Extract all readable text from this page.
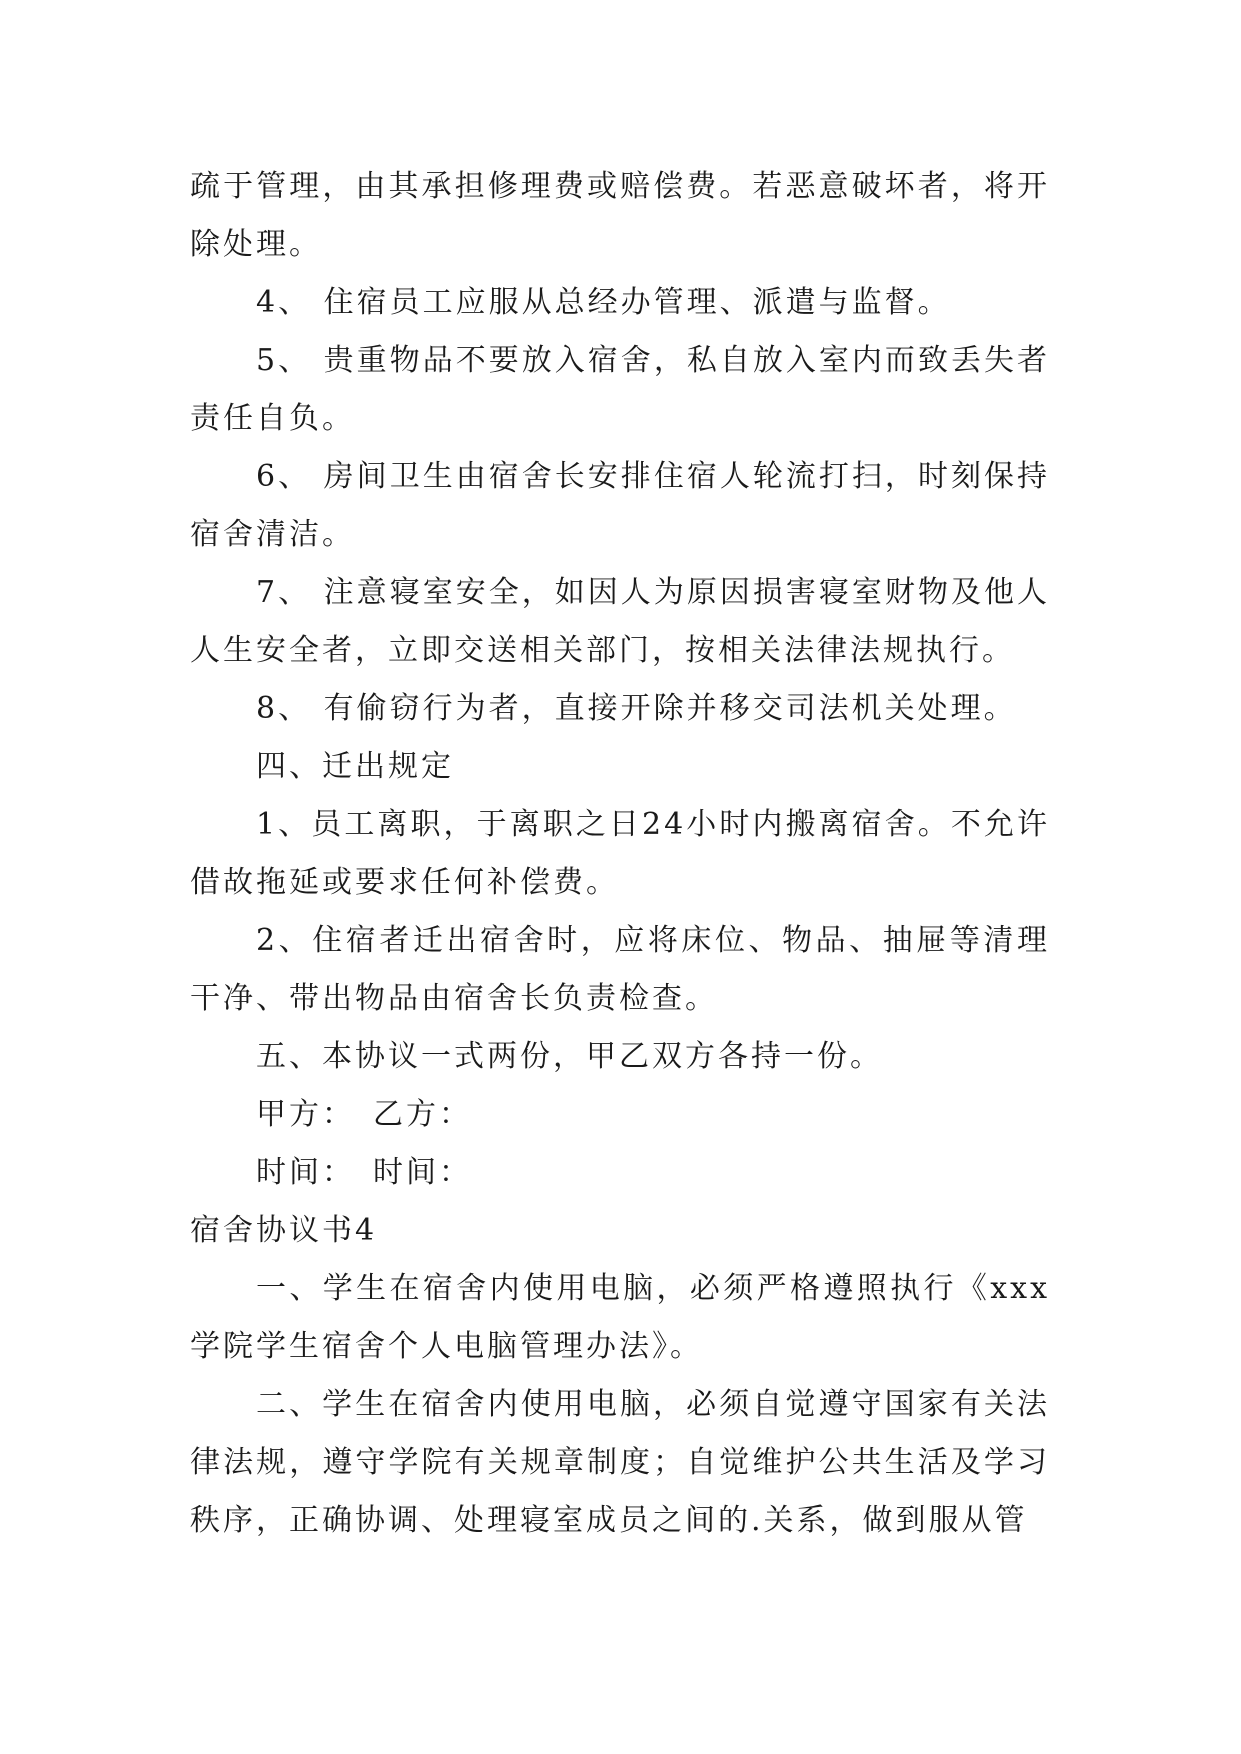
疏于管理，由其承担修理费或赔偿费。若恶意破坏者，将开除处理。

4、 住宿员工应服从总经办管理、派遣与监督。

5、 贵重物品不要放入宿舍，私自放入室内而致丢失者责任自负。

6、 房间卫生由宿舍长安排住宿人轮流打扫，时刻保持宿舍清洁。

7、 注意寝室安全，如因人为原因损害寝室财物及他人人生安全者，立即交送相关部门，按相关法律法规执行。

8、 有偷窃行为者，直接开除并移交司法机关处理。

四、迁出规定

1、员工离职，于离职之日24小时内搬离宿舍。不允许借故拖延或要求任何补偿费。

2、住宿者迁出宿舍时，应将床位、物品、抽屉等清理干净、带出物品由宿舍长负责检查。

五、本协议一式两份，甲乙双方各持一份。

甲方：　乙方：

时间：　时间：

宿舍协议书4

一、学生在宿舍内使用电脑，必须严格遵照执行《xxx学院学生宿舍个人电脑管理办法》。

二、学生在宿舍内使用电脑，必须自觉遵守国家有关法律法规，遵守学院有关规章制度；自觉维护公共生活及学习秩序，正确协调、处理寝室成员之间的.关系，做到服从管
